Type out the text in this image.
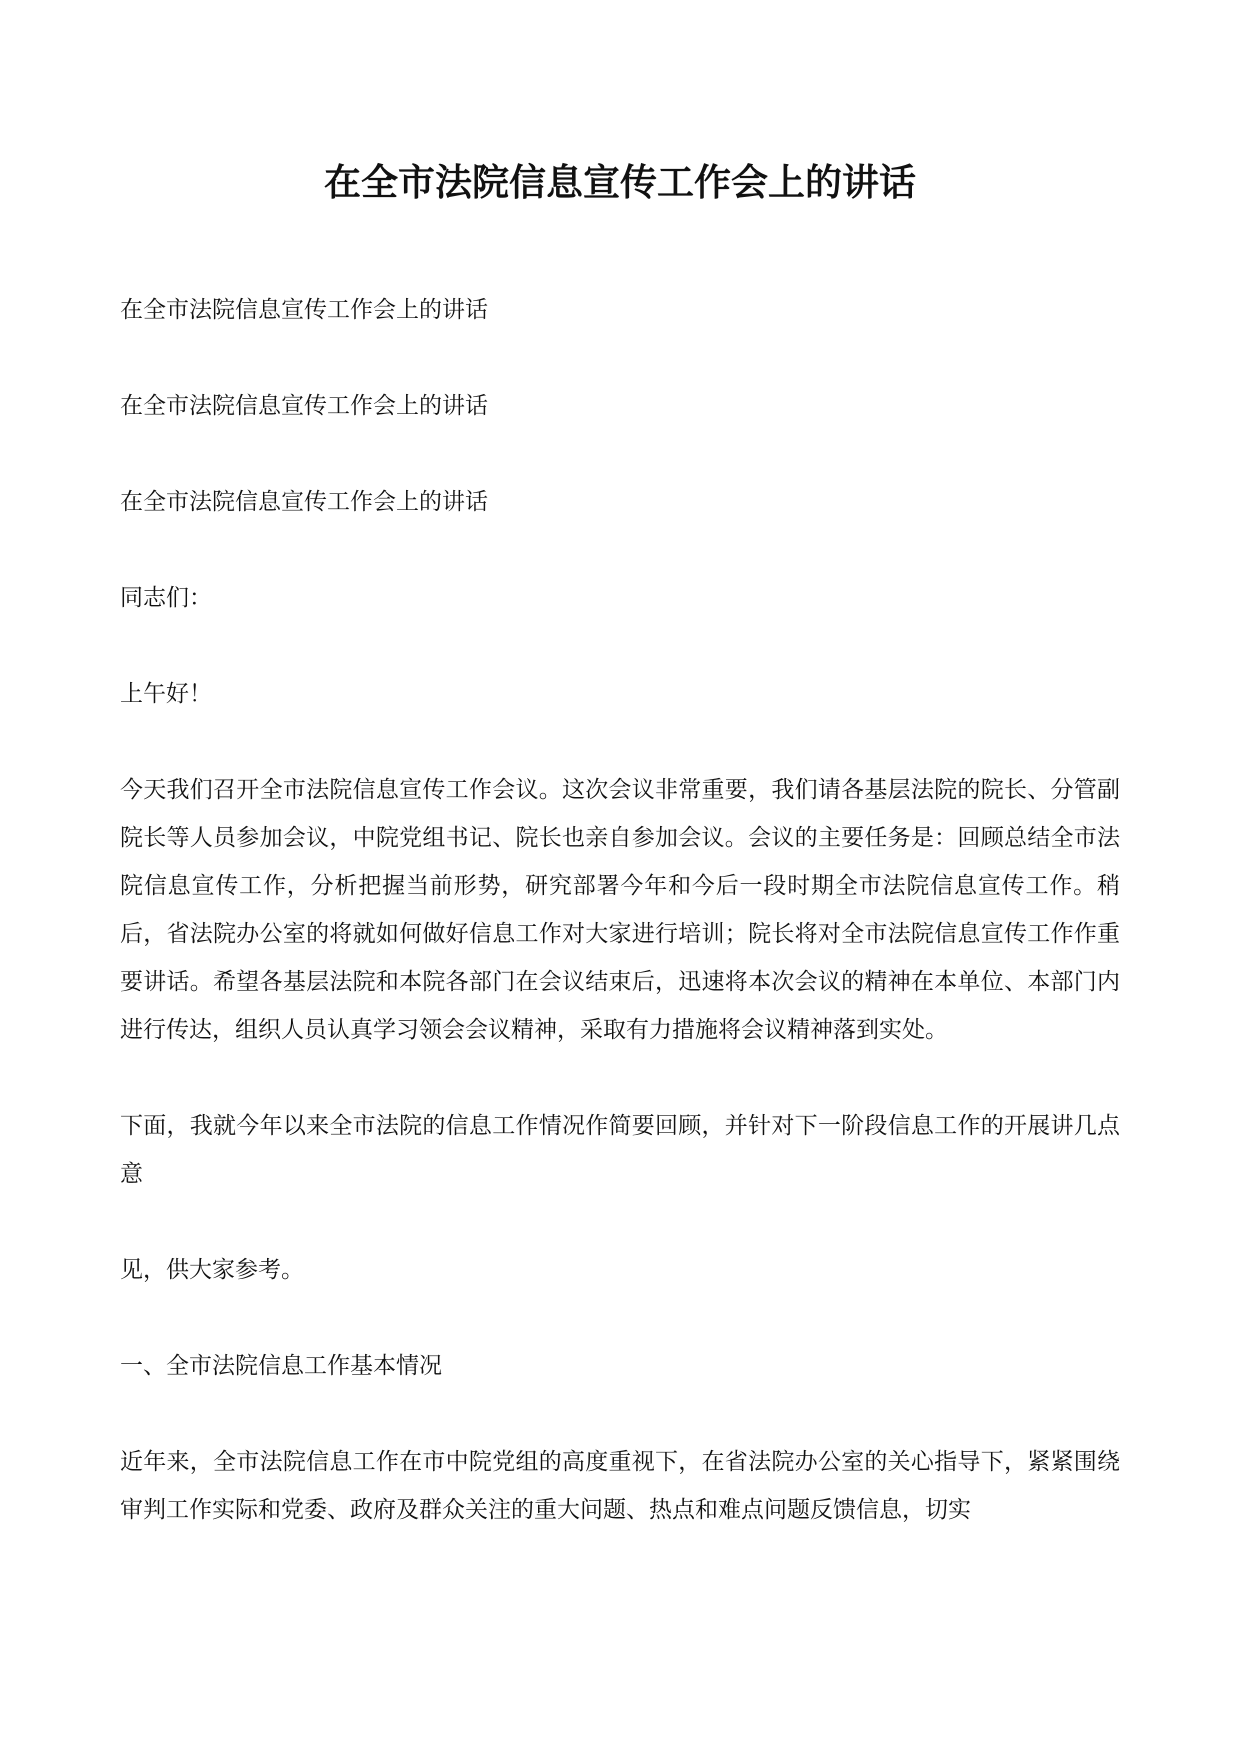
在全市法院信息宣传工作会上的讲话

在全市法院信息宣传工作会上的讲话

在全市法院信息宣传工作会上的讲话

在全市法院信息宣传工作会上的讲话

同志们：

上午好！

今天我们召开全市法院信息宣传工作会议。这次会议非常重要，我们请各基层法院的院长、分管副院长等人员参加会议，中院党组书记、院长也亲自参加会议。会议的主要任务是：回顾总结全市法院信息宣传工作，分析把握当前形势，研究部署今年和今后一段时期全市法院信息宣传工作。稍后，省法院办公室的将就如何做好信息工作对大家进行培训；院长将对全市法院信息宣传工作作重要讲话。希望各基层法院和本院各部门在会议结束后，迅速将本次会议的精神在本单位、本部门内进行传达，组织人员认真学习领会会议精神，采取有力措施将会议精神落到实处。

下面，我就今年以来全市法院的信息工作情况作简要回顾，并针对下一阶段信息工作的开展讲几点意

见，供大家参考。

一、全市法院信息工作基本情况

近年来，全市法院信息工作在市中院党组的高度重视下，在省法院办公室的关心指导下，紧紧围绕审判工作实际和党委、政府及群众关注的重大问题、热点和难点问题反馈信息，切实
